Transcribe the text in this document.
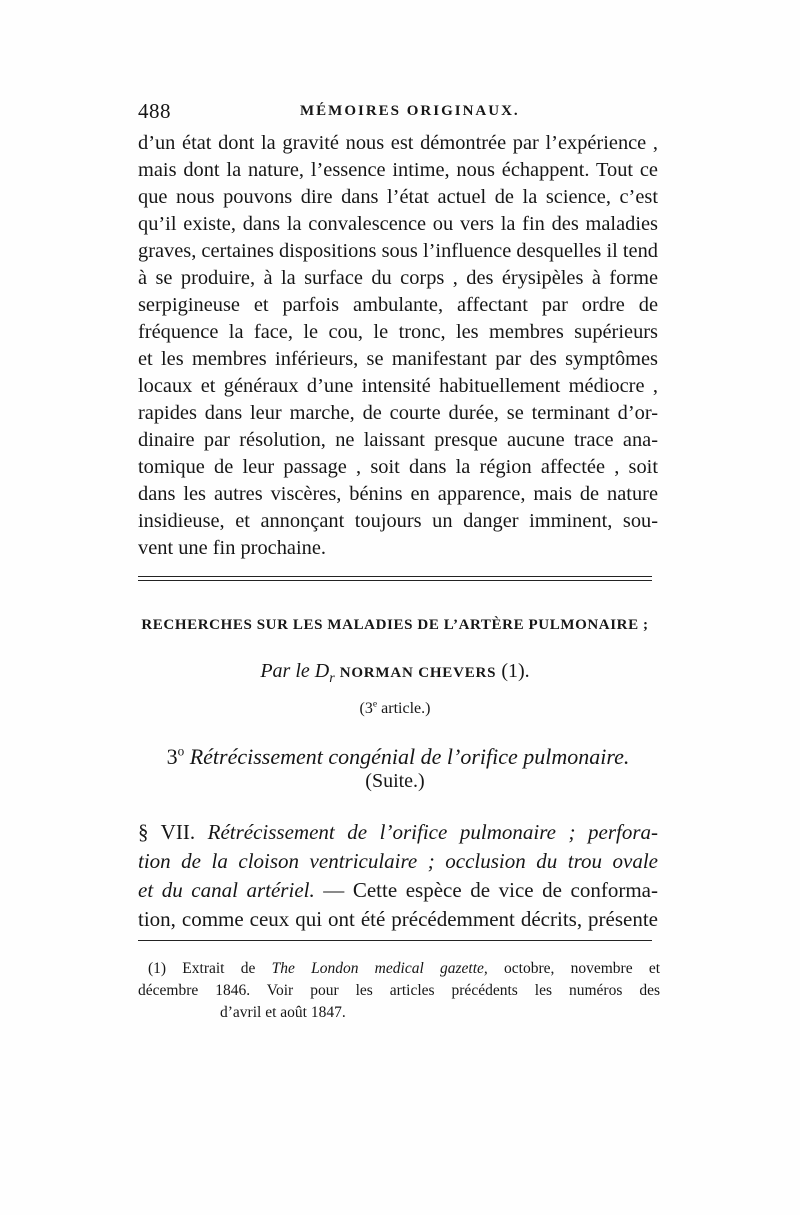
488	MÉMOIRES ORIGINAUX.
d’un état dont la gravité nous est démontrée par l’expérience ,
mais dont la nature, l’essence intime, nous échappent. Tout ce
que nous pouvons dire dans l’état actuel de la science, c’est
qu’il existe, dans la convalescence ou vers la fin des maladies
graves, certaines dispositions sous l’influence desquelles il tend
à se produire, à la surface du corps , des érysipèles à forme
serpigineuse et parfois ambulante, affectant par ordre de
fréquence la face, le cou, le tronc, les membres supérieurs
et les membres inférieurs, se manifestant par des symptômes
locaux et généraux d’une intensité habituellement médiocre ,
rapides dans leur marche, de courte durée, se terminant d’or-
dinaire par résolution, ne laissant presque aucune trace ana-
tomique de leur passage , soit dans la région affectée , soit
dans les autres viscères, bénins en apparence, mais de nature
insidieuse, et annonçant toujours un danger imminent, sou-
vent une fin prochaine.
RECHERCHES SUR LES MALADIES DE L’ARTÈRE PULMONAIRE ;
Par le $D_r$ NORMAN CHEVERS (1).
(3e article.)
3$^o$ Rétrécissement congénial de l’orifice pulmonaire.
(Suite.)
§ VII. Rétrécissement de l’orifice pulmonaire ; perfora-
tion de la cloison ventriculaire ; occlusion du trou ovale
et du canal artériel. — Cette espèce de vice de conforma-
tion, comme ceux qui ont été précédemment décrits, présente
(1) Extrait de The London medical gazette, octobre, novembre et
décembre 1846. Voir pour les articles précédents les numéros des
d’avril et août 1847.
